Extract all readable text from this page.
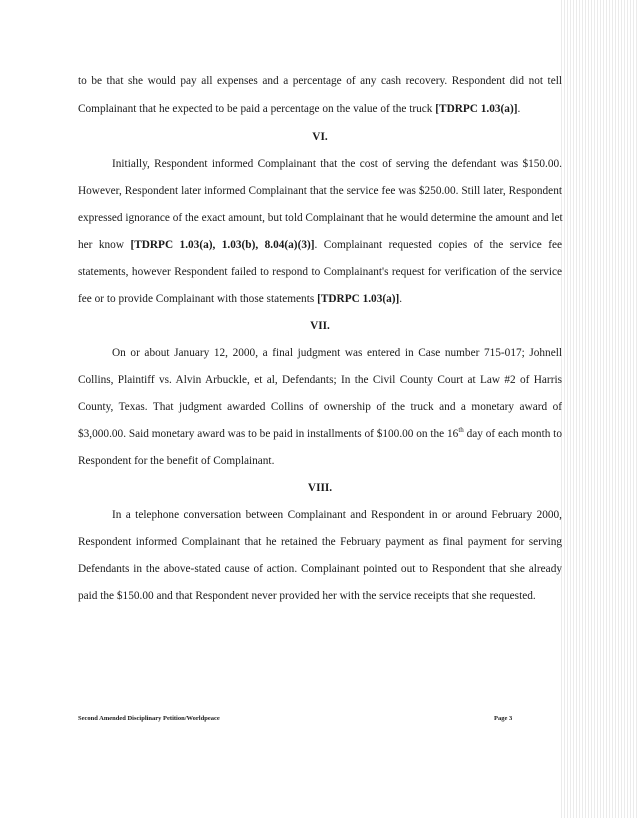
to be that she would pay all expenses and a percentage of any cash recovery. Respondent did not tell
Complainant that he expected to be paid a percentage on the value of the truck [TDRPC 1.03(a)].
VI.
Initially, Respondent informed Complainant that the cost of serving the defendant was $150.00.
However, Respondent later informed Complainant that the service fee was $250.00. Still later, Respondent
expressed ignorance of the exact amount, but told Complainant that he would determine the amount and let
her know [TDRPC 1.03(a), 1.03(b), 8.04(a)(3)]. Complainant requested copies of the service fee
statements, however Respondent failed to respond to Complainant's request for verification of the service
fee or to provide Complainant with those statements [TDRPC 1.03(a)].
VII.
On or about January 12, 2000, a final judgment was entered in Case number 715-017; Johnell
Collins, Plaintiff vs. Alvin Arbuckle, et al, Defendants; In the Civil County Court at Law #2 of Harris
County, Texas. That judgment awarded Collins of ownership of the truck and a monetary award of
$3,000.00. Said monetary award was to be paid in installments of $100.00 on the 16th day of each month to
Respondent for the benefit of Complainant.
VIII.
In a telephone conversation between Complainant and Respondent in or around February 2000,
Respondent informed Complainant that he retained the February payment as final payment for serving
Defendants in the above-stated cause of action. Complainant pointed out to Respondent that she already
paid the $150.00 and that Respondent never provided her with the service receipts that she requested.
Second Amended Disciplinary Petition/Worldpeace	Page 3
